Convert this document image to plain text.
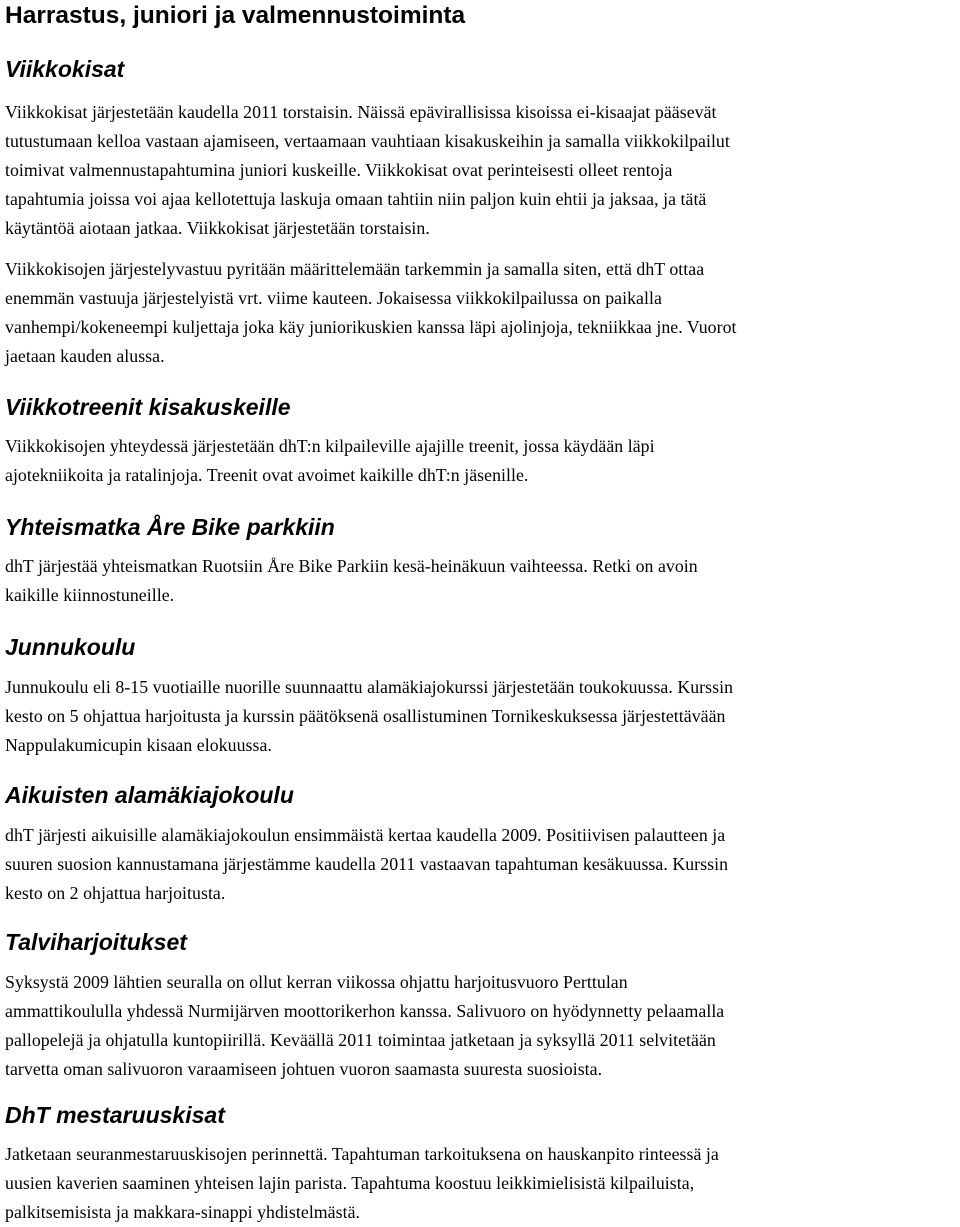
Harrastus, juniori ja valmennustoiminta
Viikkokisat

Viikkokisat järjestetään kaudella 2011 torstaisin. Näissä epävirallisissa kisoissa ei-kisaajat pääsevät
tutustumaan kelloa vastaan ajamiseen, vertaamaan vauhtiaan kisakuskeihin ja samalla viikkokilpailut
toimivat valmennustapahtumina juniori kuskeille. Viikkokisat ovat perinteisesti olleet rentoja
tapahtumia joissa voi ajaa kellotettuja laskuja omaan tahtiin niin paljon kuin ehtii ja jaksaa, ja tätä
käytäntöä aiotaan jatkaa. Viikkokisat järjestetään torstaisin.

Viikkokisojen järjestelyvastuu pyritään määrittelemään tarkemmin ja samalla siten, että dhT ottaa
enemmän vastuuja järjestelyistä vrt. viime kauteen. Jokaisessa viikkokilpailussa on paikalla
vanhempi/kokeneempi kuljettaja joka käy juniorikuskien kanssa läpi ajolinjoja, tekniikkaa jne. Vuorot
jaetaan kauden alussa.

Viikkotreenit kisakuskeille

Viikkokisojen yhteydessä järjestetään dhT:n kilpaileville ajajille treenit, jossa käydään läpi
ajotekniikoita ja ratalinjoja. Treenit ovat avoimet kaikille dhT:n jäsenille.

Yhteismatka Åre Bike parkkiin

dhT järjestää yhteismatkan Ruotsiin Åre Bike Parkiin kesä-heinäkuun vaihteessa. Retki on avoin
kaikille kiinnostuneille.

Junnukoulu

Junnukoulu eli 8-15 vuotiaille nuorille suunnaattu alamäkiajokurssi järjestetään toukokuussa. Kurssin
kesto on 5 ohjattua harjoitusta ja kurssin päätöksenä osallistuminen Tornikeskuksessa järjestettävään
Nappulakumicupin kisaan elokuussa.

Aikuisten alamäkiajokoulu

dhT järjesti aikuisille alamäkiajokoulun ensimmäistä kertaa kaudella 2009. Positiivisen palautteen ja
suuren suosion kannustamana järjestämme kaudella 2011 vastaavan tapahtuman kesäkuussa. Kurssin
kesto on 2 ohjattua harjoitusta.

Talviharjoitukset

Syksystä 2009 lähtien seuralla on ollut kerran viikossa ohjattu harjoitusvuoro Perttulan
ammattikoululla yhdessä Nurmijärven moottorikerhon kanssa. Salivuoro on hyödynnetty pelaamalla
pallopelejä ja ohjatulla kuntopiirillä. Keväällä 2011 toimintaa jatketaan ja syksyllä 2011 selvitetään
tarvetta oman salivuoron varaamiseen johtuen vuoron saamasta suuresta suosioista.

DhT mestaruuskisat

Jatketaan seuranmestaruuskisojen perinnettä. Tapahtuman tarkoituksena on hauskanpito rinteessä ja
uusien kaverien saaminen yhteisen lajin parista. Tapahtuma koostuu leikkimielisistä kilpailuista,
palkitsemisista ja makkara-sinappi yhdistelmästä.
